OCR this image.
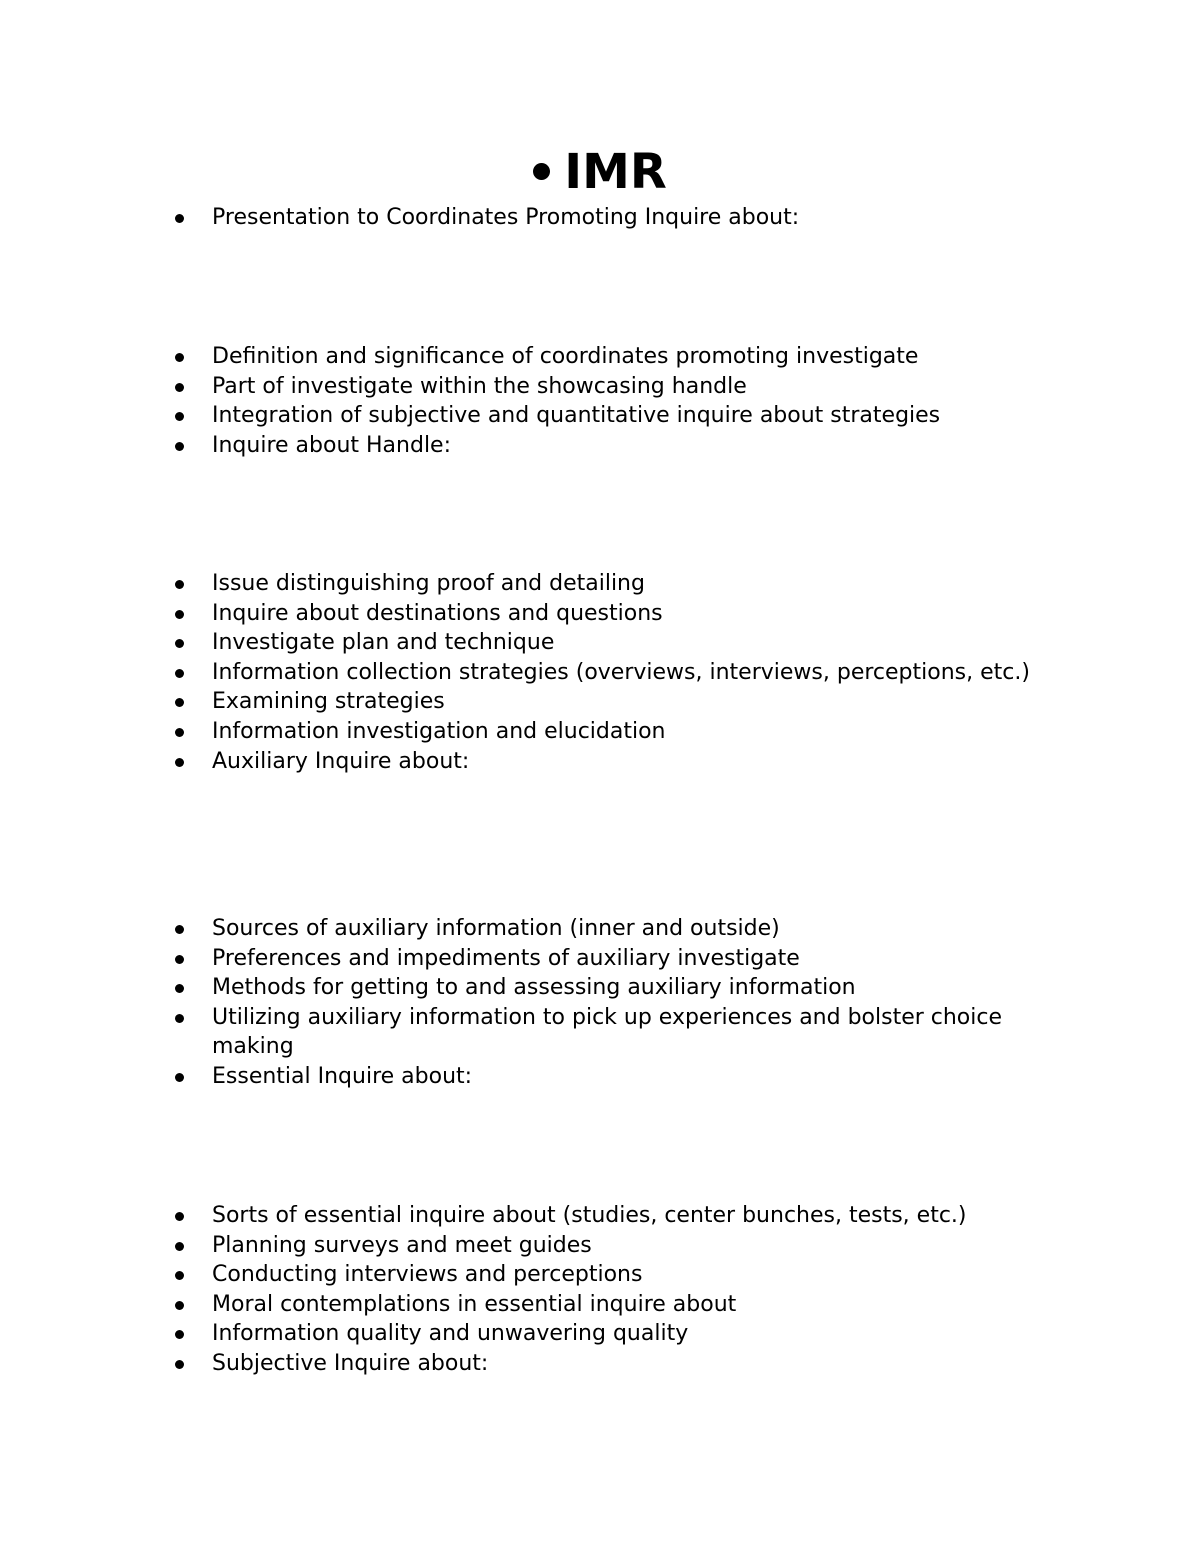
IMR
Presentation to Coordinates Promoting Inquire about:
Definition and significance of coordinates promoting investigate
Part of investigate within the showcasing handle
Integration of subjective and quantitative inquire about strategies
Inquire about Handle:
Issue distinguishing proof and detailing
Inquire about destinations and questions
Investigate plan and technique
Information collection strategies (overviews, interviews, perceptions, etc.)
Examining strategies
Information investigation and elucidation
Auxiliary Inquire about:
Sources of auxiliary information (inner and outside)
Preferences and impediments of auxiliary investigate
Methods for getting to and assessing auxiliary information
Utilizing auxiliary information to pick up experiences and bolster choice making
Essential Inquire about:
Sorts of essential inquire about (studies, center bunches, tests, etc.)
Planning surveys and meet guides
Conducting interviews and perceptions
Moral contemplations in essential inquire about
Information quality and unwavering quality
Subjective Inquire about:
